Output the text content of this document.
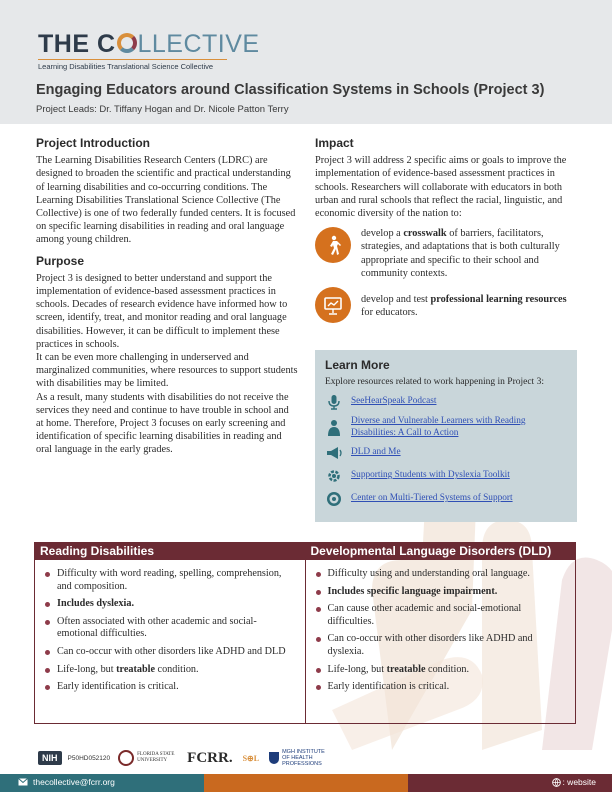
THE C LLECTIVE
Learning Disabilities Translational Science Collective
Engaging Educators around Classification Systems in Schools (Project 3)
Project Leads: Dr. Tiffany Hogan and Dr. Nicole Patton Terry
Project Introduction
The Learning Disabilities Research Centers (LDRC) are designed to broaden the scientific and practical understanding of learning disabilities and co-occurring conditions. The Learning Disabilities Translational Science Collective (The Collective) is one of two federally funded centers. It is focused on specific learning disabilities in reading and oral language among young children.
Purpose
Project 3 is designed to better understand and support the implementation of evidence-based assessment practices in schools. Decades of research evidence have informed how to screen, identify, treat, and monitor reading and oral language disabilities. However, it can be difficult to implement these practices in schools.
It can be even more challenging in underserved and marginalized communities, where resources to support students with disabilities may be limited.
As a result, many students with disabilities do not receive the services they need and continue to have trouble in school and at home. Therefore, Project 3 focuses on early screening and identification of specific learning disabilities in reading and oral language in the early grades.
Impact
Project 3 will address 2 specific aims or goals to improve the implementation of evidence-based assessment practices in schools. Researchers will collaborate with educators in both urban and rural schools that reflect the racial, linguistic, and economic diversity of the nation to:
develop a crosswalk of barriers, facilitators, strategies, and adaptations that is both culturally appropriate and specific to their school and community contexts.
develop and test professional learning resources for educators.
Learn More
Explore resources related to work happening in Project 3:
SeeHearSpeak Podcast
Diverse and Vulnerable Learners with Reading Disabilities: A Call to Action
DLD and Me
Supporting Students with Dyslexia Toolkit
Center on Multi-Tiered Systems of Support
Reading Disabilities
Difficulty with word reading, spelling, comprehension, and composition.
Includes dyslexia.
Often associated with other academic and social-emotional difficulties.
Can co-occur with other disorders like ADHD and DLD
Life-long, but treatable condition.
Early identification is critical.
Developmental Language Disorders (DLD)
Difficulty using and understanding oral language.
Includes specific language impairment.
Can cause other academic and social-emotional difficulties.
Can co-occur with other disorders like ADHD and dyslexia.
Life-long, but treatable condition.
Early identification is critical.
NIH	P50HD052120	FLORIDA STATE UNIVERSITY	FCRR. S⊕L
MGH INSTITUTE OF HEALTH PROFESSIONS
thecollective@fcrr.org	: website
